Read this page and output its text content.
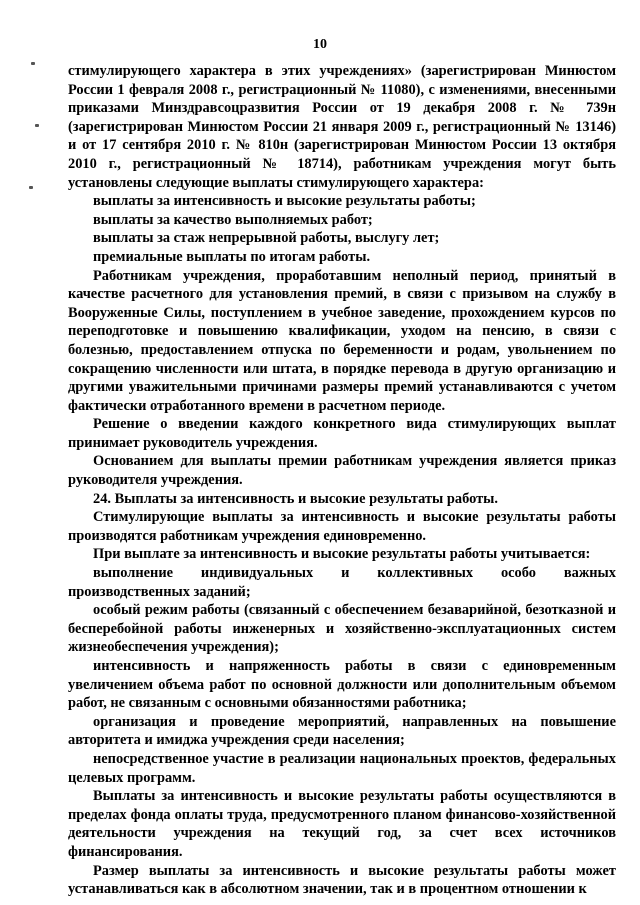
10

стимулирующего характера в этих учреждениях» (зарегистрирован Минюстом России 1 февраля 2008 г., регистрационный № 11080), с изменениями, внесенными приказами Минздравсоцразвития России от 19 декабря 2008 г. № 739н (зарегистрирован Минюстом России 21 января 2009 г., регистрационный № 13146) и от 17 сентября 2010 г. № 810н (зарегистрирован Минюстом России 13 октября 2010 г., регистрационный № 18714), работникам учреждения могут быть установлены следующие выплаты стимулирующего характера:

выплаты за интенсивность и высокие результаты работы;

выплаты за качество выполняемых работ;

выплаты за стаж непрерывной работы, выслугу лет;

премиальные выплаты по итогам работы.

Работникам учреждения, проработавшим неполный период, принятый в качестве расчетного для установления премий, в связи с призывом на службу в Вооруженные Силы, поступлением в учебное заведение, прохождением курсов по переподготовке и повышению квалификации, уходом на пенсию, в связи с болезнью, предоставлением отпуска по беременности и родам, увольнением по сокращению численности или штата, в порядке перевода в другую организацию и другими уважительными причинами размеры премий устанавливаются с учетом фактически отработанного времени в расчетном периоде.

Решение о введении каждого конкретного вида стимулирующих выплат принимает руководитель учреждения.

Основанием для выплаты премии работникам учреждения является приказ руководителя учреждения.

24. Выплаты за интенсивность и высокие результаты работы.

Стимулирующие выплаты за интенсивность и высокие результаты работы производятся работникам учреждения единовременно.

При выплате за интенсивность и высокие результаты работы учитывается:

выполнение индивидуальных и коллективных особо важных производственных заданий;

особый режим работы (связанный с обеспечением безаварийной, безотказной и бесперебойной работы инженерных и хозяйственно-эксплуатационных систем жизнеобеспечения учреждения);

интенсивность и напряженность работы в связи с единовременным увеличением объема работ по основной должности или дополнительным объемом работ, не связанным с основными обязанностями работника;

организация и проведение мероприятий, направленных на повышение авторитета и имиджа учреждения среди населения;

непосредственное участие в реализации национальных проектов, федеральных целевых программ.

Выплаты за интенсивность и высокие результаты работы осуществляются в пределах фонда оплаты труда, предусмотренного планом финансово-хозяйственной деятельности учреждения на текущий год, за счет всех источников финансирования.

Размер выплаты за интенсивность и высокие результаты работы может устанавливаться как в абсолютном значении, так и в процентном отношении к
